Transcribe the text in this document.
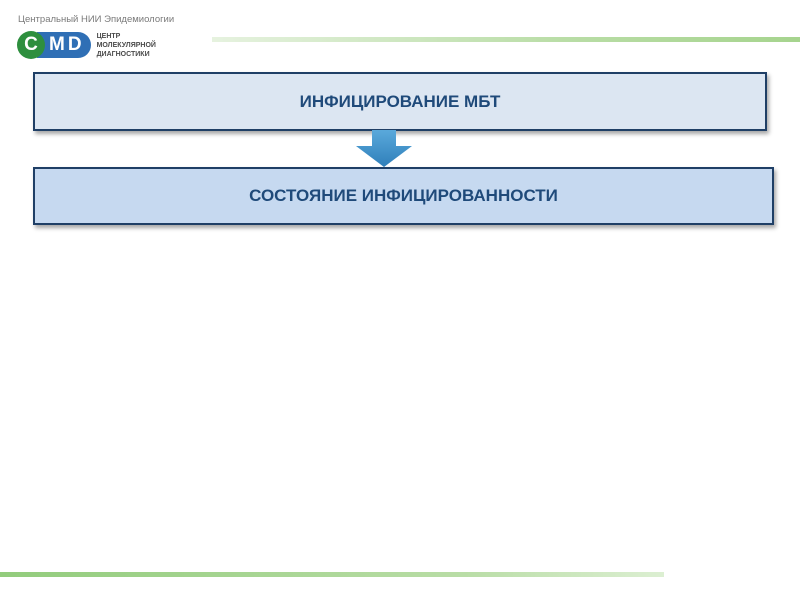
Центральный НИИ Эпидемиологии
C MD	ЦЕНТР
МОЛЕКУЛЯРНОЙ
ДИАГНОСТИКИ
ИНФИЦИРОВАНИЕ МБТ
СОСТОЯНИЕ ИНФИЦИРОВАННОСТИ
